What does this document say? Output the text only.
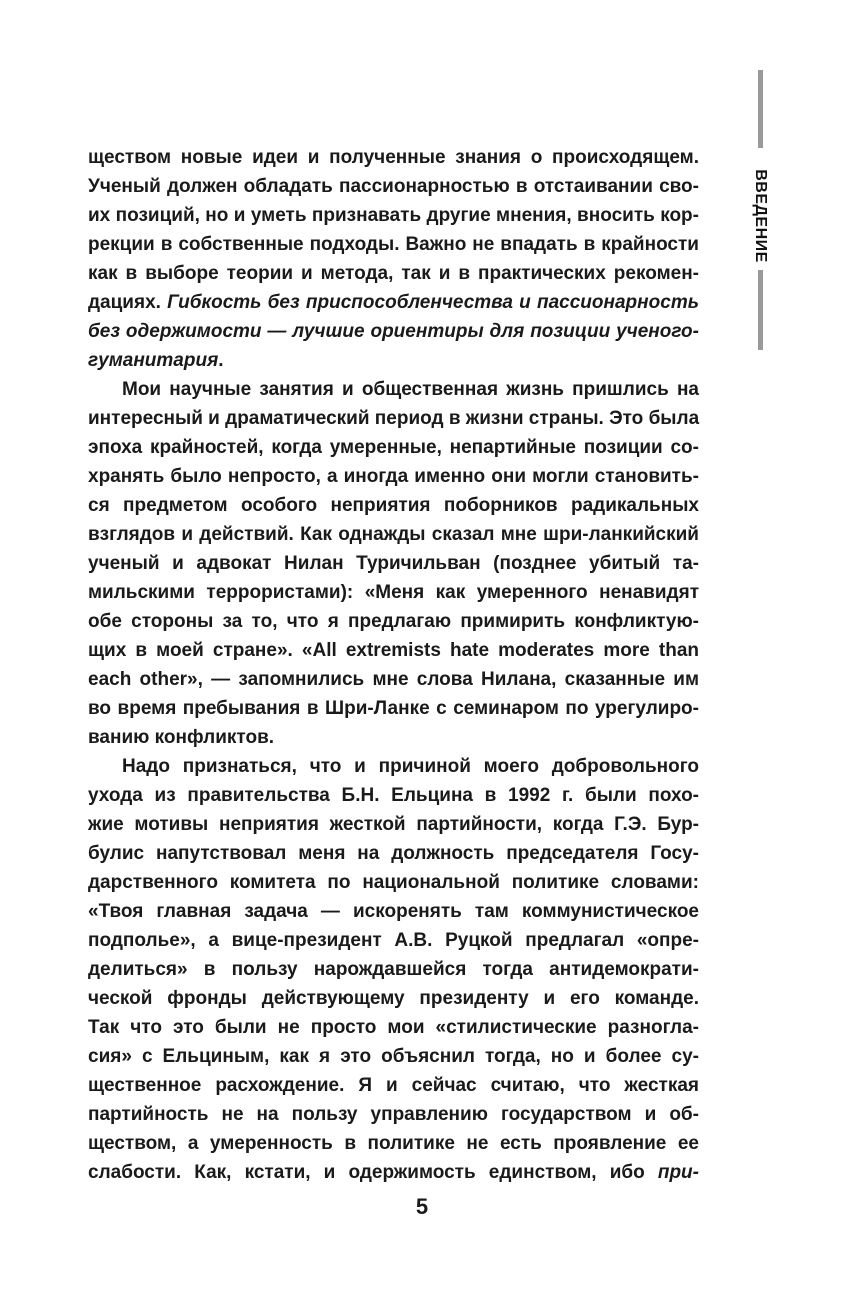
ВВЕДЕНИЕ
ществом новые идеи и полученные знания о происходящем.
Ученый должен обладать пассионарностью в отстаивании сво-
их позиций, но и уметь признавать другие мнения, вносить кор-
рекции в собственные подходы. Важно не впадать в крайности
как в выборе теории и метода, так и в практических рекомен-
дациях. Гибкость без приспособленчества и пассионарность
без одержимости — лучшие ориентиры для позиции ученого-
гуманитария.
Мои научные занятия и общественная жизнь пришлись на
интересный и драматический период в жизни страны. Это была
эпоха крайностей, когда умеренные, непартийные позиции со-
хранять было непросто, а иногда именно они могли становить-
ся предметом особого неприятия поборников радикальных
взглядов и действий. Как однажды сказал мне шри-ланкийский
ученый и адвокат Нилан Туричильван (позднее убитый та-
мильскими террористами): «Меня как умеренного ненавидят
обе стороны за то, что я предлагаю примирить конфликтую-
щих в моей стране». «All extremists hate moderates more than
each other», — запомнились мне слова Нилана, сказанные им
во время пребывания в Шри-Ланке с семинаром по урегулиро-
ванию конфликтов.
Надо признаться, что и причиной моего добровольного
ухода из правительства Б.Н. Ельцина в 1992 г. были похо-
жие мотивы неприятия жесткой партийности, когда Г.Э. Бур-
булис напутствовал меня на должность председателя Госу-
дарственного комитета по национальной политике словами:
«Твоя главная задача — искоренять там коммунистическое
подполье», а вице-президент А.В. Руцкой предлагал «опре-
делиться» в пользу нарождавшейся тогда антидемократи-
ческой фронды действующему президенту и его команде.
Так что это были не просто мои «стилистические разногла-
сия» с Ельциным, как я это объяснил тогда, но и более су-
щественное расхождение. Я и сейчас считаю, что жесткая
партийность не на пользу управлению государством и об-
ществом, а умеренность в политике не есть проявление ее
слабости. Как, кстати, и одержимость единством, ибо при-
5
